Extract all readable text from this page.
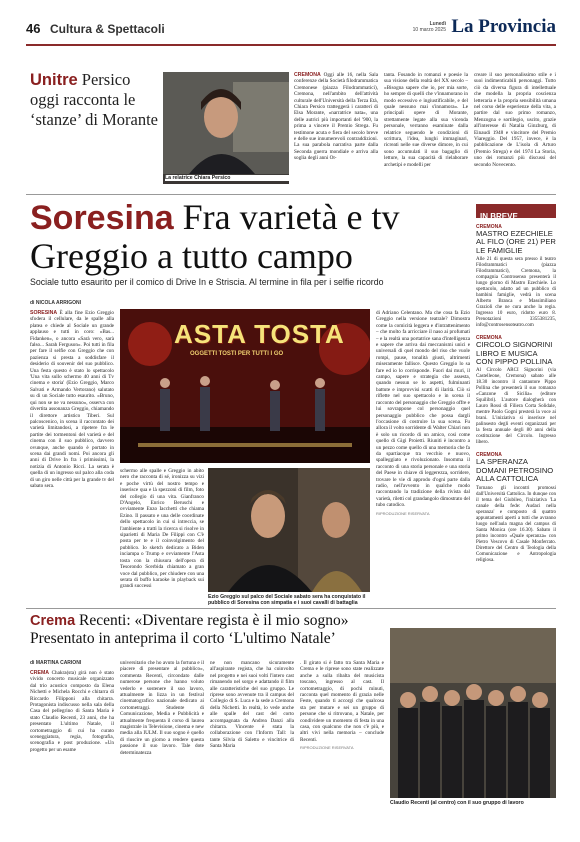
46 Cultura & Spettacoli	Lunedì
10 marzo 2025 La Provincia
Unitre Persico oggi racconta le ‘stanze’ di Morante
La relatrice Chiara Persico
CREMONA Oggi alle 16, nella Sala conferenze della Società filodrammatica Cremonese (piazza Filodrammatici), Cremona, nell'ambito dell'attività culturale dell'Università della Terza Età, Chiara Persico tratteggerà i caratteri di Elsa Morante, «narratrice nata», una delle autrici più importanti del '900, la prima a vincere il Premio Strega. Fu testimone acuta e fiera del secolo breve e delle sue innumerevoli contraddizioni. La sua parabola narrativa parte dalla Seconda guerra mondiale e arriva alla soglia degli anni Ot-
tanta. Fosando in romanzi e poesie la sua visione della realtà del XX secolo – «Bisogna sapere che io, per mia sorte, ho sempre di quelli che v'innamorano in modo eccessivo e ingiustificabile, e del quale nessuno mai s'innamora». Le principali opere di Morante, strettamente legate alla sua vicenda personale, verranno esaminate dalla relatrice seguendo le condizioni di scrittura, l'idea, lunghi immaginari, ricreati nelle sue diverse dimore, in cui sono accumulati il suo bagaglio di letture, la sua capacità di rielaborare archetipi e modelli per
creare il suo personalissimo stile e i suoi indimenticabili personaggi. Tutto ciò da diversa figura di intellettuale che modella la propria coscienza letteraria e la propria sensibilità umana nel corso delle esperienze della vita, a partire dal suo primo romanzo, Menzogna e sortilegio, uscito, grazie all'interesse di Natalia Ginzburg, di Einaudi 1948 e vincitore del Premio Viareggio. Del 1957, invece, è la pubblicazione de L'isola di Arturo (Premio Strega) e del 1974 La Storia, uno dei romanzi più discussi del secondo Novecento.
Soresina Fra varietà e tv
Greggio a tutto campo
Sociale tutto esaurito per il comico di Drive In e Striscia. Al termine in fila per i selfie ricordo
di NICOLA ARRIGONI
SORESINA È alla fine Ezio Greggio sfodera il cellulare, da le spalle alla platea e chiede al Sociale un grande applauso e tutti in coro: «Bas... Fidanken», o ancora «Sarà vero, sarà falso... Sarah Ferguson». Poi tutti in fila per fare il selfie con Greggio che con pazienza si presta a soddisfare il desiderio di souvenir del suo pubblico. Una festa questo è stato lo spettacolo 'Una vita sullo schermo 40 anni di Tv cinema e storia' (Ezio Greggio, Marco Salvati e Armando Vertorano) salutato su di un Sociale tutto esaurito. «Bruno, qui non se ne va nessuno», osserva con divertita assonanza Greggio, chiamando il direttore artistico Tiberi. Sul palcoscenico, in scena il raccontato dei varietà limitandosi, a ripetere fra le partite dei tormentoni del varietà e del cinema con il suo pubblico, davvero ovunque, anche quando è portato in scena dai grandi nomi. Poi ancora gli anni di Drive In fra i primissimi, la notizia di Antonio Ricci. La serata è quella di un ingresso sul palco alla coda di un giro nelle città per la grande tv del sabato sera.
ASTA TOSTA
OGGETTI TOSTI PER TUTTI I GO
schermo alle spalle e Greggio in abito nero che racconta di sé, ironizza su vizi e poche virtù del nostro tempo e inserisce qua e là spezzoni di film, foto del collegio di una vita. Gianfranco D'Angelo, Enrico Beruschi e ovviamente Enzo Iacchetti che chiama Ezino. Il passato e una delle coordinate dello spettacolo in cui si intreccia, se l'ambiente a tratti la ricerca si risolve in siparietti di Maria De Filippi con C'è posta per te e il coinvolgimento del pubblico. Io sketch dedicato a Biden inciampa o Trump e ovviamente l'Asta tosta con la chiusura dell'opera di Tesorondo Scerbida chiamato a gran voce dal pubblico, per chiudere con una serata di buffo karaoke in playback sui grandi successi
Ezio Greggio sul palco del Sociale sabato sera ha conquistato il pubblico di Soresina con simpatia e i suoi cavalli di battaglia
di Adriano Celentano. Ma che cosa fa Ezio Greggio nella versione teatrale? Dimostra come la comicità leggera e d'intrattenimento – che molto fa arricciare il naso ai profumati – e la realtà una portatrice sana d'intelligenza e sapere che arriva dai meccanismi unici e universali di quel mondo del riso che vuole rompi, pause, tonalità giusti, altrimenti miseramente fallisce. Questo Greggio lo sa fare ed io lo corrisponde. Fuori dai muri, il campo, sapere e strategia che assesta, quando nessun se lo aspetti, fulminanti battute e improvvisi scatti di ilarità. Ciò si riflette nel suo spettacolo e in scena il racconto del personaggio che Greggio offre e lui sovrappone col personaggio quel personaggio pubblico che possa dargli l'occasione di costruire la sua scena. Fu allora il volto sorridente di Walter Chiari non è solo un ricordo di un amico, così come quello di Gigi Proietti. Riuniti è incontro a un pezzo come quello di una memoria che fa da spartiacque tra vecchio e nuovo, spalleggiato e rivoluzionato. Insomma il racconto di una storia personale e una storia del Paese in chiave di leggerezza, sorridere, trovare le vie di approdo d'ogni parte dalla radio, nell'avvento in qualche modo raccontando la tradizione della rivista dal varietà, riletti col grandangolo dimostrato del tubo catodico.
RIPRODUZIONE RISERVATA
IN BREVE
CREMONA
MASTRO EZECHIELE AL FILO (ORE 21) PER LE FAMIGLIE
Alle 21 di questa sera presso il teatro Filodrammatici (piazza Filodrammatici), Cremona, la compagnia Controsenso presenterà il lungo giorno di Mastro Ezechiele. Lo spettacolo, adatto ad un pubblico di bambini famiglie, vedrà in scena Alberto Branca e Massimiliano Grazioli che ne cura anche la regia. Ingresso 10 euro, ridotto euro 8. Prenotazioni 3355381235, info@controsensoteatro.com
CREMONA
CIRCOLO SIGNORINI LIBRO E MUSICA CON PIPPO POLLINA
Al Circolo ARCI Signorini (via Castelleone, Cremona) sabato alle 18.30 incontro il cantautore Pippo Pollina che presenterà il suo romanzo «Canzone di Sicilia» (editore Squilibri). L'autore dialogherà con Lauro Rossi di Filiera Corta Solidale, mentre Paolo Gogni presterà la voce ai brani. L'iniziativa si inserisce nel palinsesto degli eventi organizzati per la festa annuale degli 80 anni della costituzione del Circolo. Ingresso libero.
CREMONA
LA SPERANZA DOMANI PETROSINO ALLA CATTOLICA
Tornano gli incontri promossi dall'Università Cattolica. In dunque con il tema del Giubileo, l'iniziativa 'La canale della fede: Audaci nella speranza' e composto di quattro appuntamenti aperti a tutti che avranno luogo nell'aula magna del campus di Santa Monica (ore 16.30). Sabato il primo incontro «Quale speranza» con Pietro Vescovo di Casale Monferrato. Direttore del Centro di Teologia della Comunicazione e Antropologia religiosa.
Crema Recenti: «Diventare regista è il mio sogno»
Presentato in anteprima il corto ‘L'ultimo Natale’
di MARTINA CARIONI
CREMA Chakra(sta) girà non è stato vivido concerto musicale organizzato dal trio acustico composto da Elena Nichetti e Michela Rocchi e chitarra di Riccardo Filipponi alla chitarra. Protagonista indiscusso nella sala della Casa del pellegrino di Santa Maria è stato Claudio Recenti, 23 anni, che ha presentato L'ultimo Natale, il cortometraggio di cui ha curato sceneggiatura, regia, fotografia, scenografia e post produzione. «Un progetto per un esame
universitario che ho avuto la fortuna e il piacere di presentare al pubblico», commenta Recenti, circondato dalle numerose persone che hanno voluto vederlo e sostenere il suo lavoro, attualmente in lizza in un festival cinematografico nazionale dedicato ai cortometraggi. Studente di Comunicazione, Media e Pubblicità e attualmente frequenta il corso di laurea magistrale in Televisione, cinema e new media alla IULM. Il suo sogno è quello di riuscire un giorno a rendere questa passione il suo lavoro. Tale dote determinatezza
ne non mancano sicuramente all'aspirante regista, che ha coinvolto nel progetto e nei suoi volti l'intero cast rimanendo nel sorgo e adattando il film alle caratteristiche del suo gruppo. Le riprese sono avvenute tra il campus del Collegio di S. Luca e la sede a Cremona della Nichetti. In realtà, lo vede anche alle spalle del cast del corto accompagnata da Andrea Danzi alla chitarra. Vincente è stata la collaborazione con l'Inform Tall: la tante Silvia di Saletto e vincitrice di Santa Maria
. Il girato si è fatto tra Santa Maria e Crema e le riprese sono state realizzate anche a sulla ribalta del musicista toscano, ingresso al cast. Il cortometraggio, di pochi minuti, racconta quel momento di grazia nelle Feste, quando ti accorgi che qualcosa sta per mutare e sei un gruppo di persone che si ritrovano, a Natale, per condividere un momento di festa in una casa, con qualcuno che non c'è più, e altri vivi nella memoria – conclude Recenti.
RIPRODUZIONE RISERVATA
Claudio Recenti (al centro) con il suo gruppo di lavoro
